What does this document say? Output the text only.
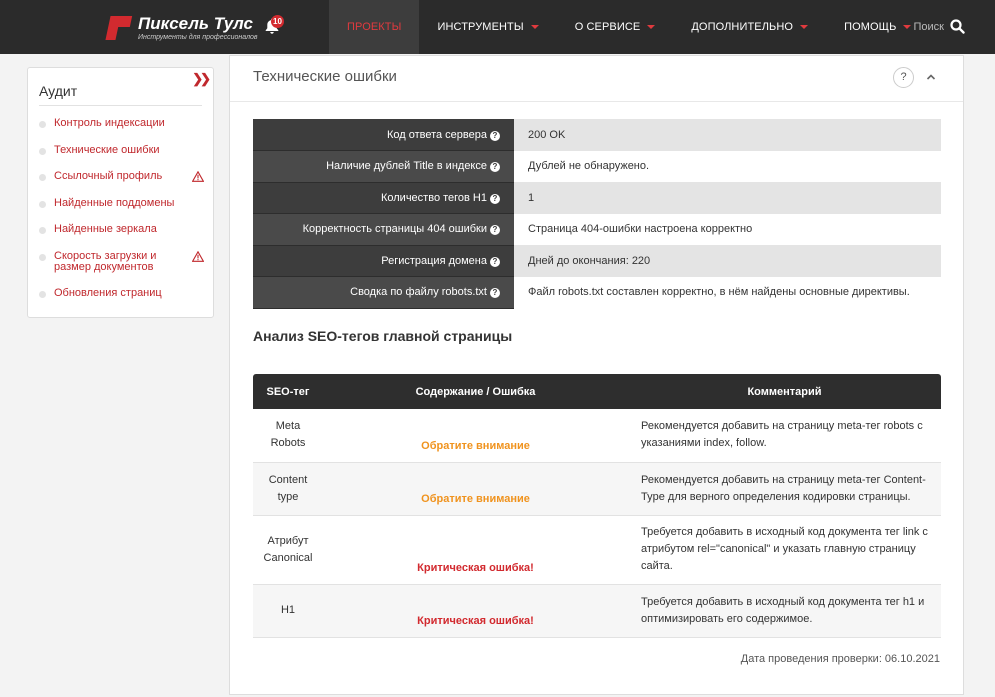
Пиксель Тулс
Инструменты для профессионалов
10	ПРОЕКТЫ	ИНСТРУМЕНТЫ	О СЕРВИСЕ	ДОПОЛНИТЕЛЬНО	ПОМОЩЬ Поиск
Аудит
❯❯
Контроль индексации
Технические ошибки
Ссылочный профиль
Найденные поддомены
Найденные зеркала
Скорость загрузки и размер документов
Обновления страниц
Технические ошибки	?
Код ответа сервера ?	200 OK
Наличие дублей Title в индексе ?	Дублей не обнаружено.
Количество тегов H1 ?	1
Корректность страницы 404 ошибки ?	Страница 404-ошибки настроена корректно
Регистрация домена ?	Дней до окончания: 220
Сводка по файлу robots.txt ?	Файл robots.txt составлен корректно, в нём найдены основные директивы.
Анализ SEO-тегов главной страницы
SEO-тег	Содержание / Ошибка	Комментарий
Meta Robots	Обратите внимание	Рекомендуется добавить на страницу meta-тег robots с указаниями index, follow.
Content type	Обратите внимание	Рекомендуется добавить на страницу meta-тег Content-Type для верного определения кодировки страницы.
Атрибут Canonical	Критическая ошибка!	Требуется добавить в исходный код документа тег link с атрибутом rel="canonical" и указать главную страницу сайта.
H1	Критическая ошибка!	Требуется добавить в исходный код документа тег h1 и оптимизировать его содержимое.
Дата проведения проверки: 06.10.2021
